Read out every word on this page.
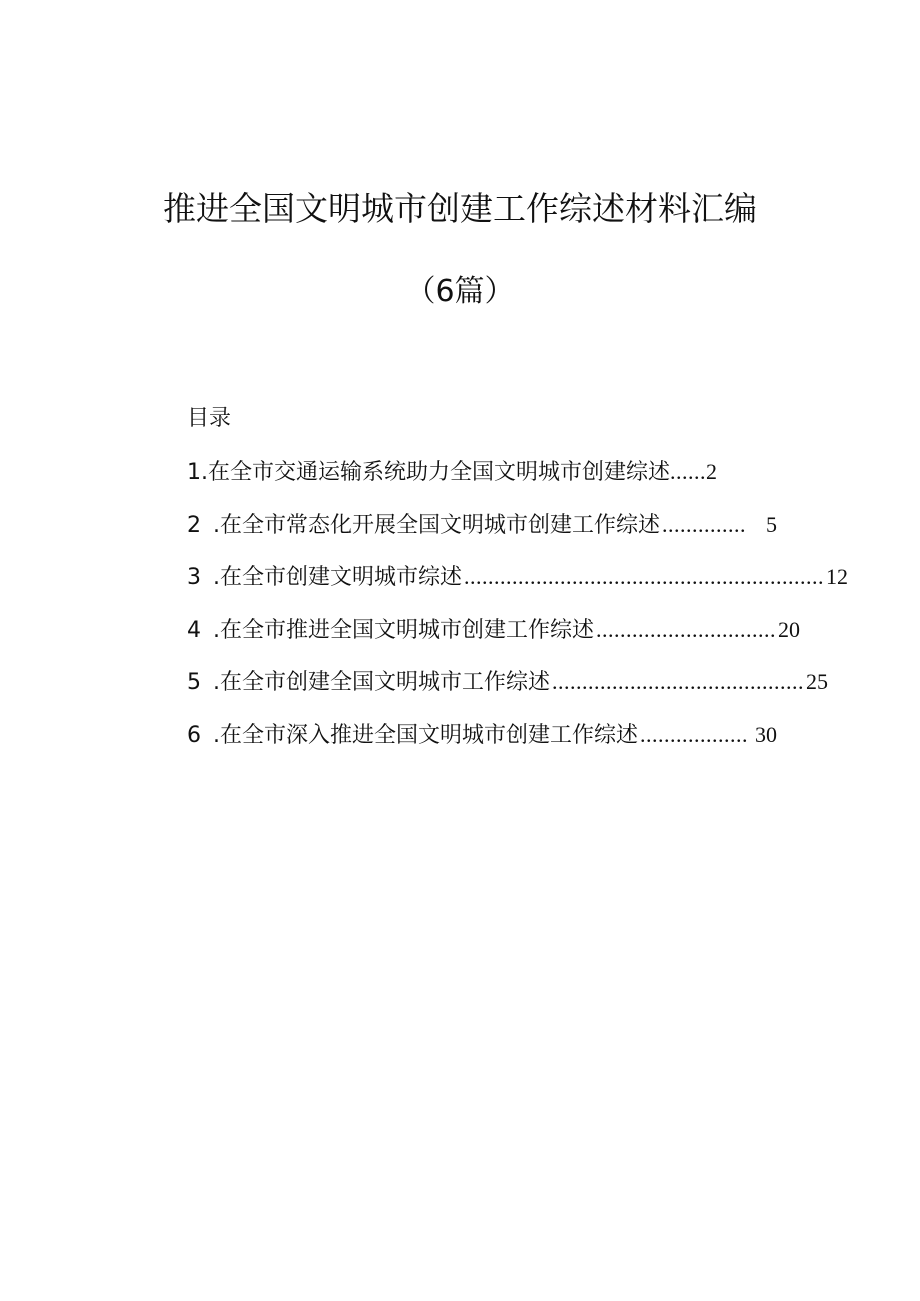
推进全国文明城市创建工作综述材料汇编
（6篇）
目录
1 .在全市交通运输系统助力全国文明城市创建综述 ...... 2
2 .在全市常态化开展全国文明城市创建工作综述 .............. 5
3 .在全市创建文明城市综述 ............................................................ 12
4 .在全市推进全国文明城市创建工作综述 .............................. 20
5 .在全市创建全国文明城市工作综述 .......................................... 25
6 .在全市深入推进全国文明城市创建工作综述 .................. 30
